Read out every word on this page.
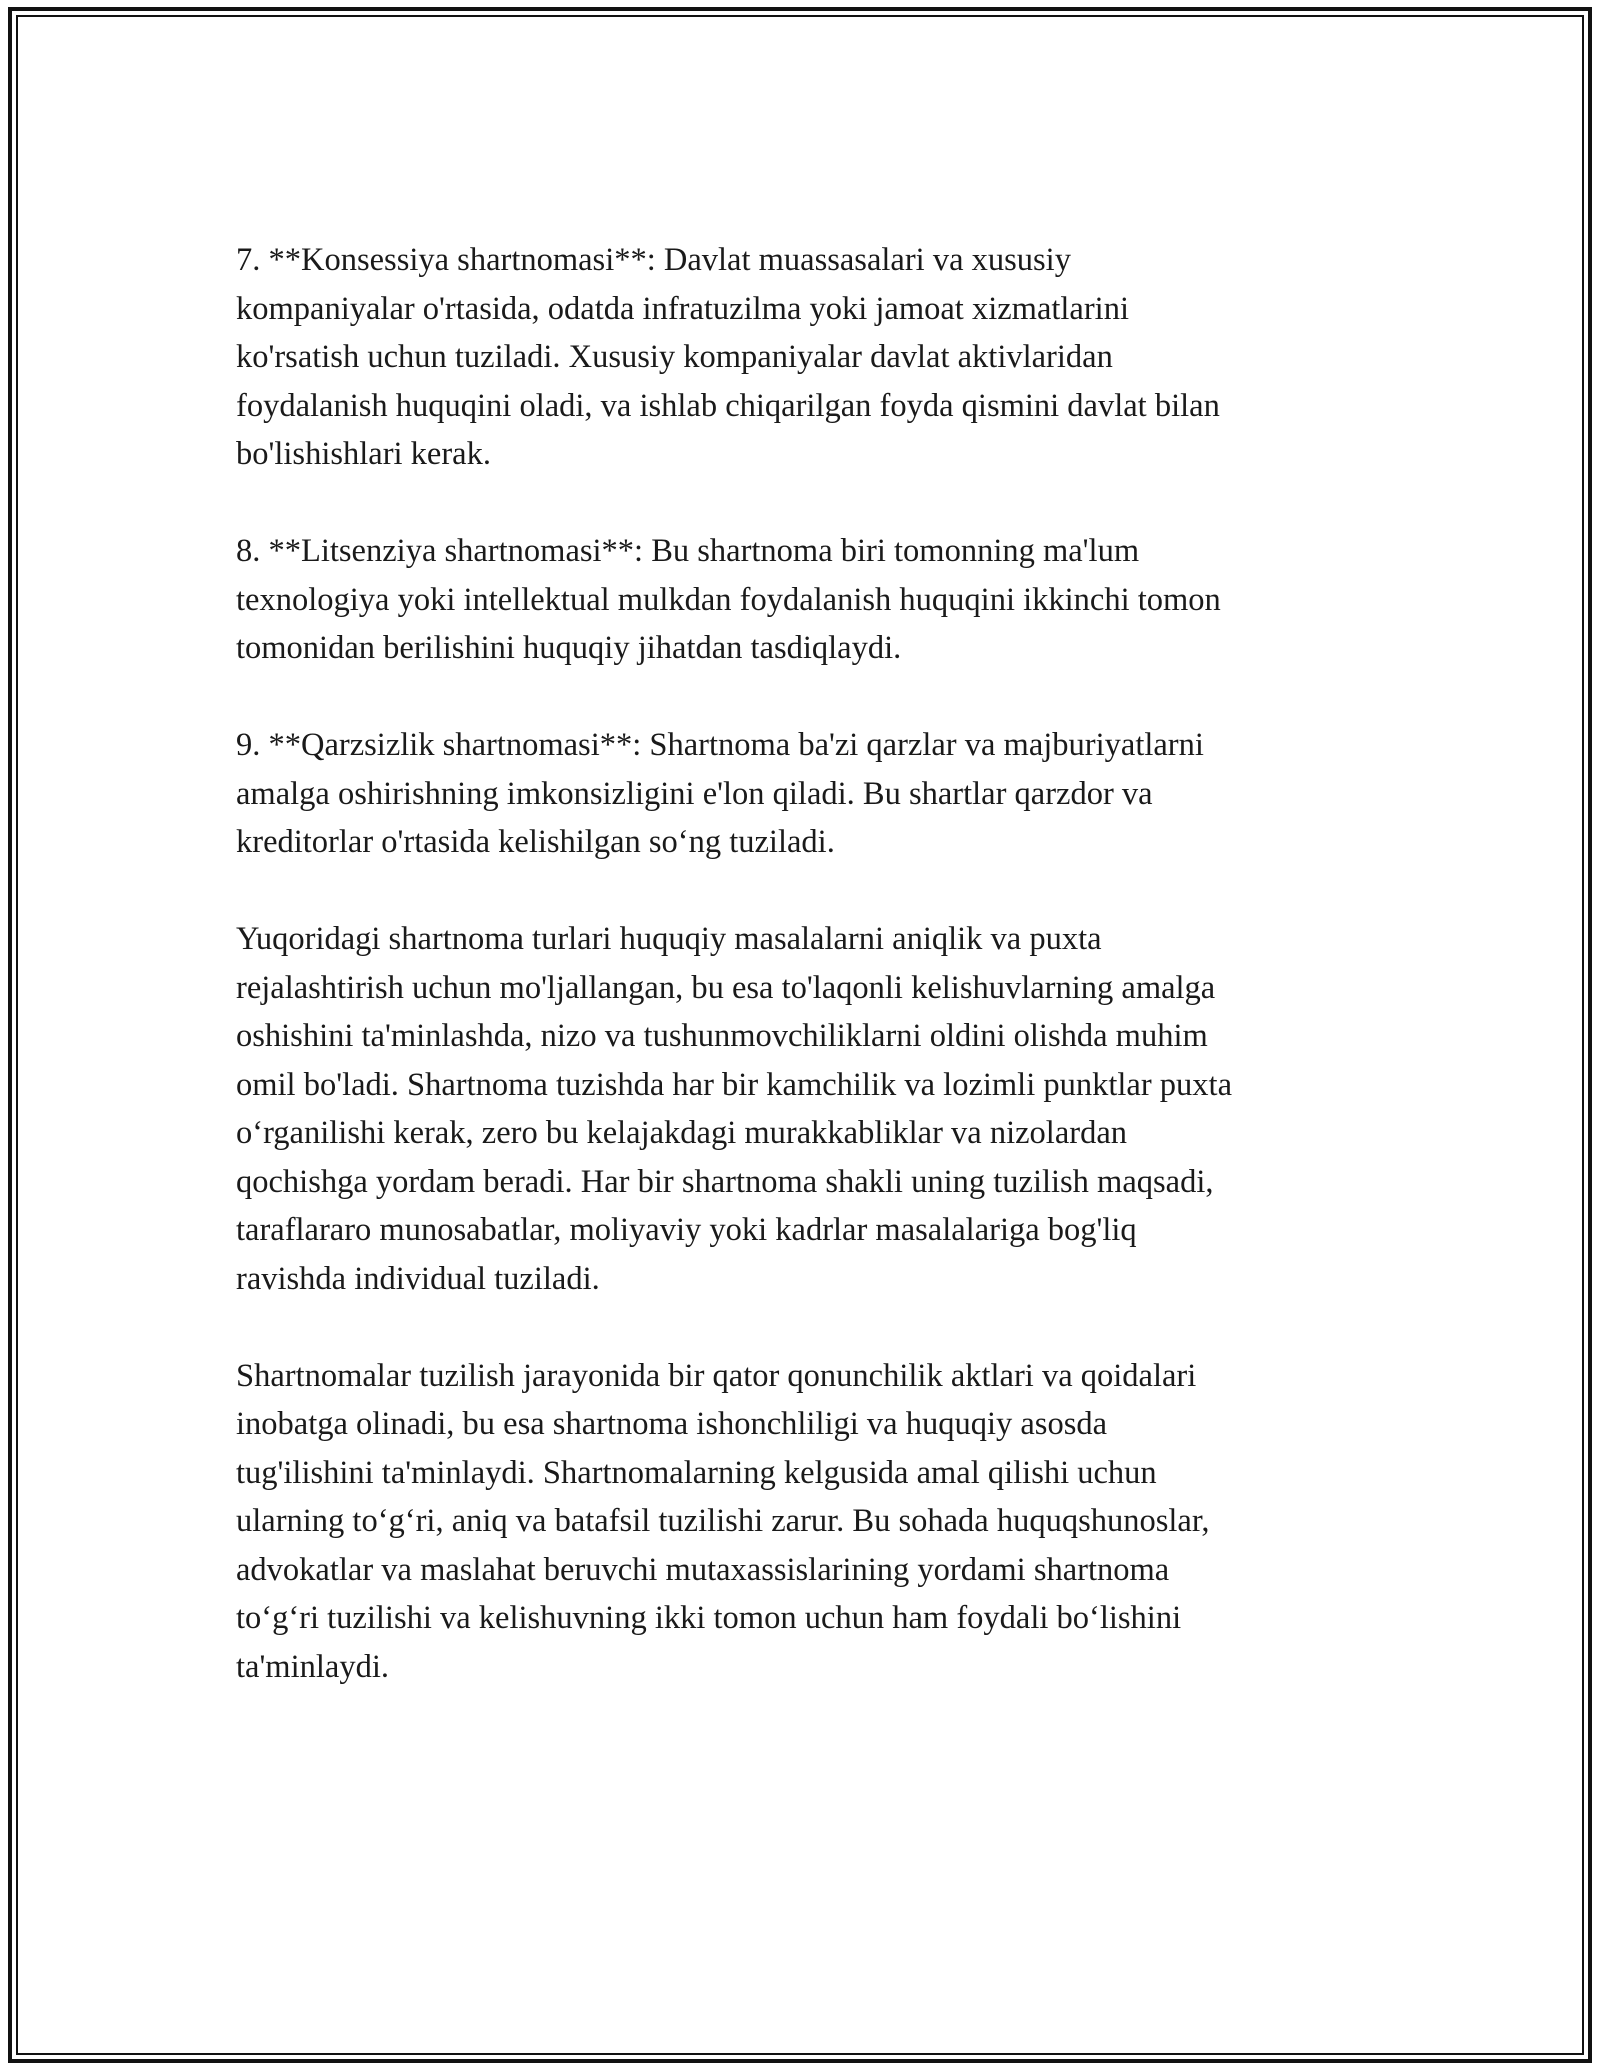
7. **Konsessiya shartnomasi**: Davlat muassasalari va xususiy
kompaniyalar o'rtasida, odatda infratuzilma yoki jamoat xizmatlarini
ko'rsatish uchun tuziladi. Xususiy kompaniyalar davlat aktivlaridan
foydalanish huquqini oladi, va ishlab chiqarilgan foyda qismini davlat bilan
bo'lishishlari kerak.

8. **Litsenziya shartnomasi**: Bu shartnoma biri tomonning ma'lum
texnologiya yoki intellektual mulkdan foydalanish huquqini ikkinchi tomon
tomonidan berilishini huquqiy jihatdan tasdiqlaydi.

9. **Qarzsizlik shartnomasi**: Shartnoma ba'zi qarzlar va majburiyatlarni
amalga oshirishning imkonsizligini e'lon qiladi. Bu shartlar qarzdor va
kreditorlar o'rtasida kelishilgan so‘ng tuziladi.

Yuqoridagi shartnoma turlari huquqiy masalalarni aniqlik va puxta
rejalashtirish uchun mo'ljallangan, bu esa to'laqonli kelishuvlarning amalga
oshishini ta'minlashda, nizo va tushunmovchiliklarni oldini olishda muhim
omil bo'ladi. Shartnoma tuzishda har bir kamchilik va lozimli punktlar puxta
o‘rganilishi kerak, zero bu kelajakdagi murakkabliklar va nizolardan
qochishga yordam beradi. Har bir shartnoma shakli uning tuzilish maqsadi,
taraflararo munosabatlar, moliyaviy yoki kadrlar masalalariga bog'liq
ravishda individual tuziladi.

Shartnomalar tuzilish jarayonida bir qator qonunchilik aktlari va qoidalari
inobatga olinadi, bu esa shartnoma ishonchliligi va huquqiy asosda
tug'ilishini ta'minlaydi. Shartnomalarning kelgusida amal qilishi uchun
ularning to‘g‘ri, aniq va batafsil tuzilishi zarur. Bu sohada huquqshunoslar,
advokatlar va maslahat beruvchi mutaxassislarining yordami shartnoma
to‘g‘ri tuzilishi va kelishuvning ikki tomon uchun ham foydali bo‘lishini
ta'minlaydi.
